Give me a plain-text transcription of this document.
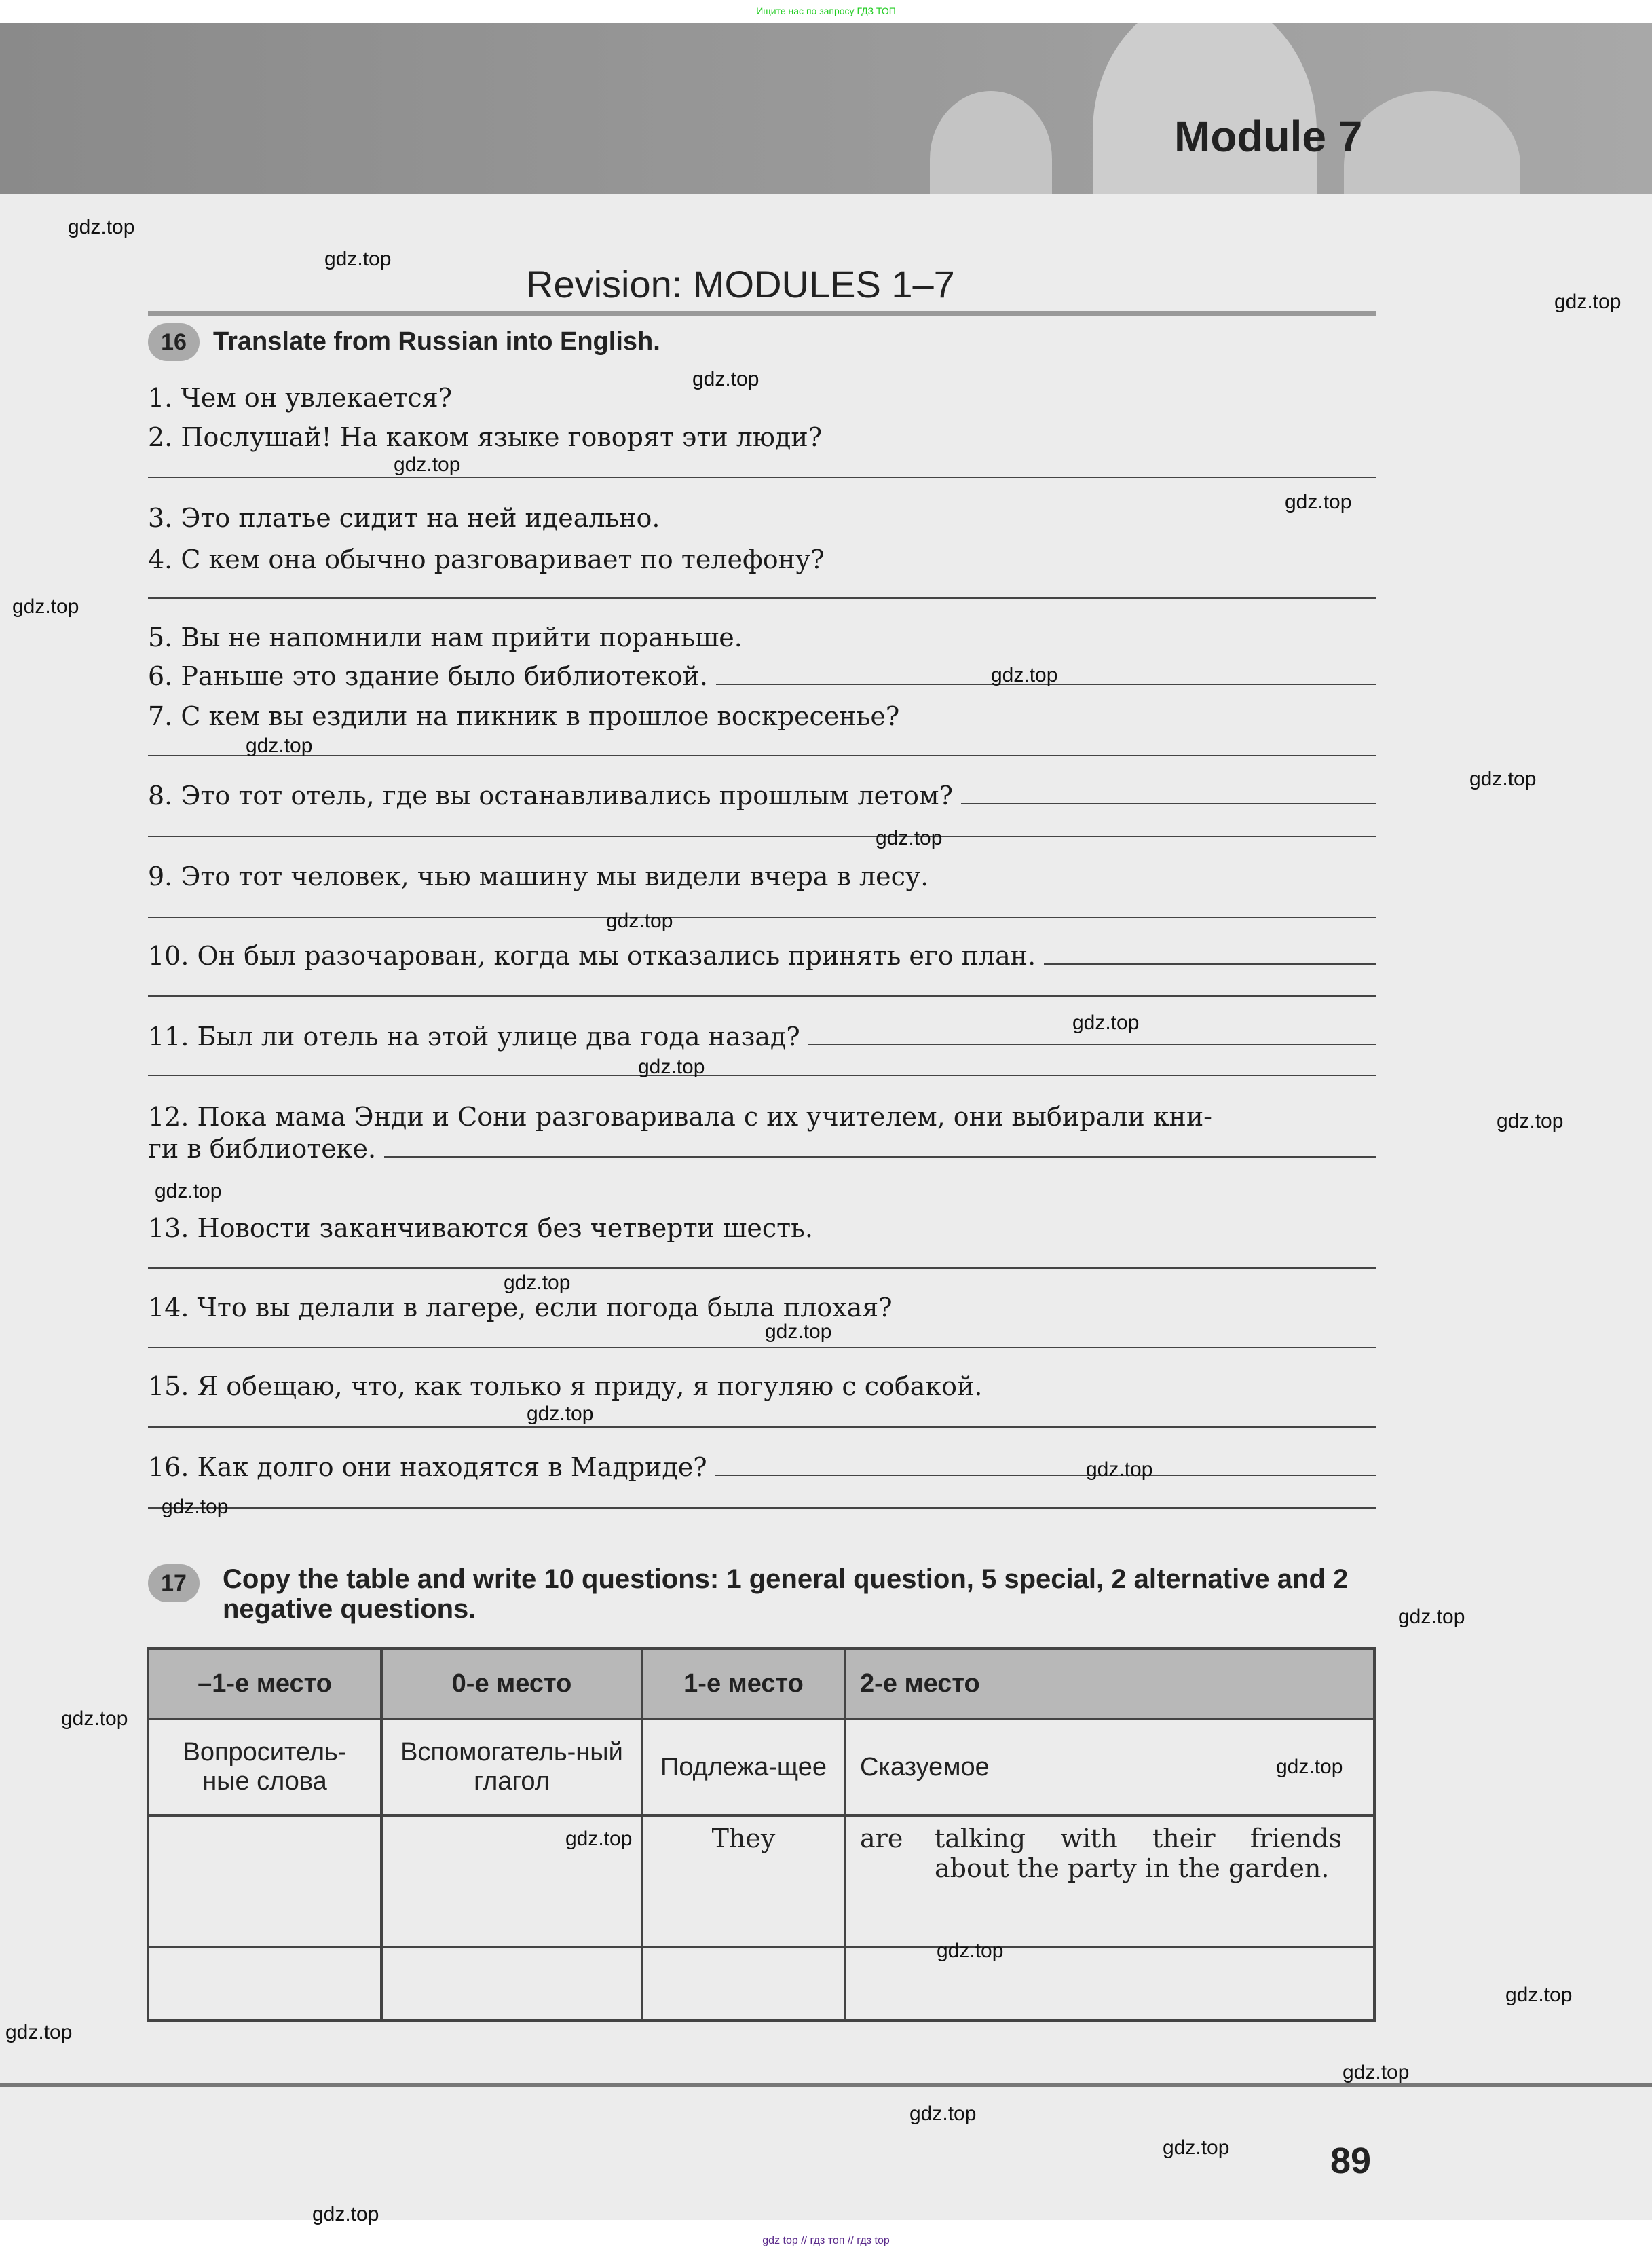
Ищите нас по запросу ГДЗ ТОП
Module 7
Revision: MODULES 1–7
16 Translate from Russian into English.
1. Чем он увлекается?
2. Послушай! На каком языке говорят эти люди?
3. Это платье сидит на ней идеально.
4. С кем она обычно разговаривает по телефону?
5. Вы не напомнили нам прийти пораньше.
6. Раньше это здание было библиотекой.
7. С кем вы ездили на пикник в прошлое воскресенье?
8. Это тот отель, где вы останавливались прошлым летом?
9. Это тот человек, чью машину мы видели вчера в лесу.
10. Он был разочарован, когда мы отказались принять его план.
11. Был ли отель на этой улице два года назад?
12. Пока мама Энди и Сони разговаривала с их учителем, они выбирали кни-
ги в библиотеке.
13. Новости заканчиваются без четверти шесть.
14. Что вы делали в лагере, если погода была плохая?
15. Я обещаю, что, как только я приду, я погуляю с собакой.
16. Как долго они находятся в Мадриде?
17 Copy the table and write 10 questions: 1 general question, 5 special, 2 alternative and 2 negative questions.
–1-е место	0-е место	1-е место	2-е место
Вопроситель-ные слова	Вспомогатель-ный глагол	Подлежа-щее	Сказуемое
		They	are talking with their friends about the party in the garden.

89
gdz.top
gdz.top
gdz.top
gdz.top
gdz.top
gdz.top
gdz.top
gdz.top
gdz.top
gdz.top
gdz.top
gdz.top
gdz.top
gdz.top
gdz.top
gdz.top
gdz.top
gdz.top
gdz.top
gdz.top
gdz.top
gdz.top
gdz.top
gdz.top
gdz.top
gdz.top
gdz.top
gdz.top
gdz.top
gdz.top
gdz.top
gdz.top
gdz top // гдз топ // гдз top
